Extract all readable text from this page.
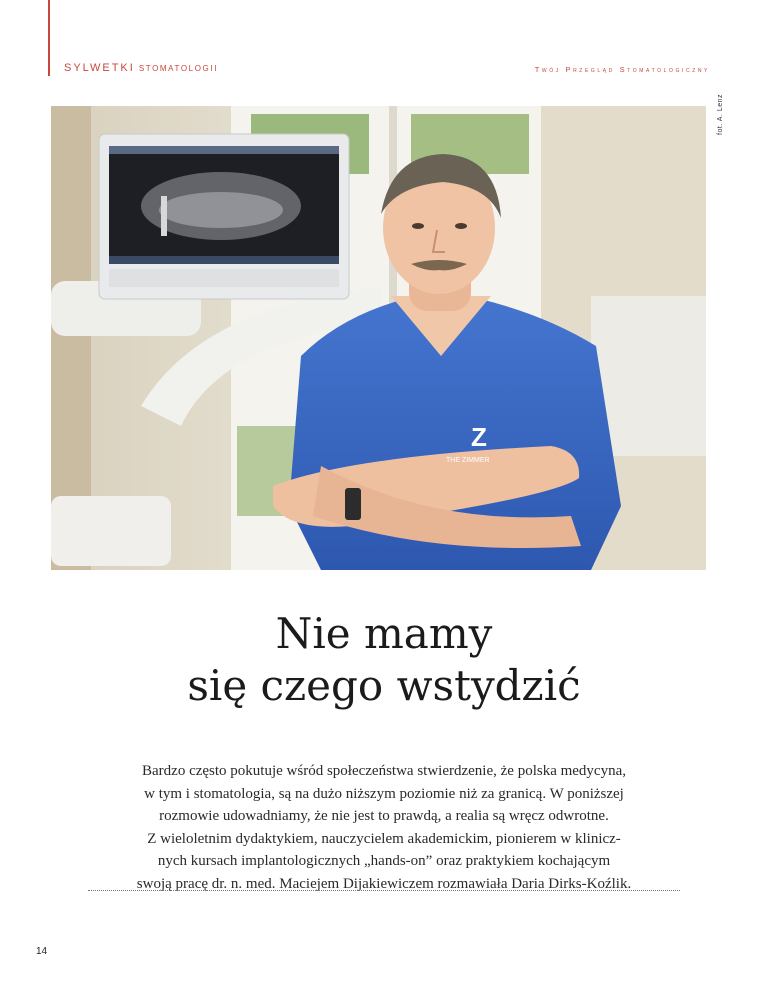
SYLWETKI STOMATOLOGII	Twój Przegląd Stomatologiczny
fot. A. Lenz
Z
THE ZIMMER
Nie mamy
się czego wstydzić

Bardzo często pokutuje wśród społeczeństwa stwierdzenie, że polska medycyna,
w tym i stomatologia, są na dużo niższym poziomie niż za granicą. W poniższej
rozmowie udowadniamy, że nie jest to prawdą, a realia są wręcz odwrotne.
Z wieloletnim dydaktykiem, nauczycielem akademickim, pionierem w klinicz-
nych kursach implantologicznych „hands-on” oraz praktykiem kochającym
swoją pracę dr. n. med. Maciejem Dijakiewiczem rozmawiała Daria Dirks-Koźlik.

14
